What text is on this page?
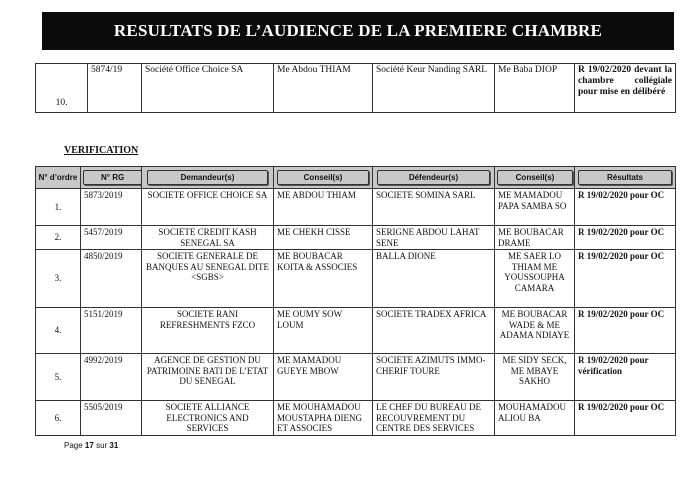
RESULTATS DE L’AUDIENCE DE LA PREMIERE CHAMBRE
10.	5874/19	Société Office Choice SA	Me Abdou THIAM	Société Keur Nanding SARL	Me Baba DIOP	R 19/02/2020 devant la chambre collégiale pour mise en délibéré
VERIFICATION
N° d’ordre	N° RG	Demandeur(s)	Conseil(s)	Défendeur(s)	Conseil(s)	Résultats
1.	5873/2019	SOCIETE OFFICE CHOICE SA	ME ABDOU THIAM	SOCIETE SOMINA SARL	ME MAMADOU PAPA SAMBA SO	R 19/02/2020 pour OC
2.	5457/2019	SOCIETE CREDIT KASH SENEGAL SA	ME CHEKH CISSE	SERIGNE ABDOU LAHAT SENE	ME BOUBACAR DRAME	R 19/02/2020 pour OC
3.	4850/2019	SOCIETE GENERALE DE BANQUES AU SENEGAL DITE <SGBS>	ME BOUBACAR KOITA & ASSOCIES	BALLA DIONE	ME SAER LO THIAM ME YOUSSOUPHA CAMARA	R 19/02/2020 pour OC
4.	5151/2019	SOCIETE RANI REFRESHMENTS FZCO	ME OUMY SOW LOUM	SOCIETE TRADEX AFRICA	ME BOUBACAR WADE & ME ADAMA NDIAYE	R 19/02/2020 pour OC
5.	4992/2019	AGENCE DE GESTION DU PATRIMOINE BATI DE L’ETAT DU SENEGAL	ME MAMADOU GUEYE MBOW	SOCIETE AZIMUTS IMMO-CHERIF TOURE	ME SIDY SECK, ME MBAYE SAKHO	R 19/02/2020 pour vérification
6.	5505/2019	SOCIETE ALLIANCE ELECTRONICS AND SERVICES	ME MOUHAMADOU MOUSTAPHA DIENG ET ASSOCIES	LE CHEF DU BUREAU DE RECOUVREMENT DU CENTRE DES SERVICES	MOUHAMADOU ALIOU BA	R 19/02/2020 pour OC
Page 17 sur 31
